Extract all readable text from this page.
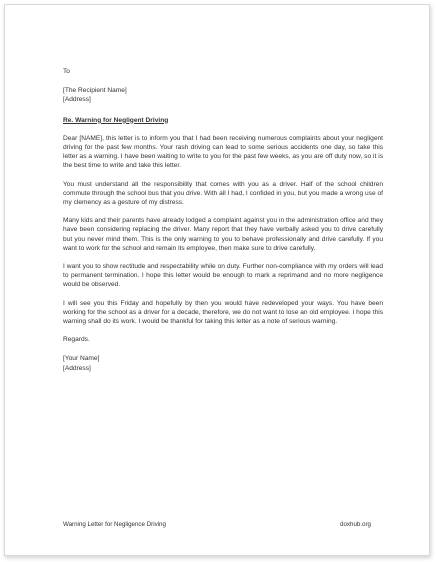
To
[The Recipient Name]
[Address]
Re. Warning for Negligent Driving

Dear [NAME], this letter is to inform you that I had been receiving numerous complaints about your negligent driving for the past few months. Your rash driving can lead to some serious accidents one day, so take this letter as a warning. I have been waiting to write to you for the past few weeks, as you are off duty now, so it is the best time to write and take this letter.

You must understand all the responsibility that comes with you as a driver. Half of the school children commute through the school bus that you drive. With all I had, I confided in you, but you made a wrong use of my clemency as a gesture of my distress.

Many kids and their parents have already lodged a complaint against you in the administration office and they have been considering replacing the driver. Many report that they have verbally asked you to drive carefully but you never mind them. This is the only warning to you to behave professionally and drive carefully. If you want to work for the school and remain its employee, then make sure to drive carefully.

I want you to show rectitude and respectability while on duty. Further non-compliance with my orders will lead to permanent termination. I hope this letter would be enough to mark a reprimand and no more negligence would be observed.

I will see you this Friday and hopefully by then you would have redeveloped your ways. You have been working for the school as a driver for a decade, therefore, we do not want to lose an old employee. I hope this warning shall do its work. I would be thankful for taking this letter as a note of serious warning.

Regards.
[Your Name]
[Address]
Warning Letter for Negligence Driving	doxhub.org
